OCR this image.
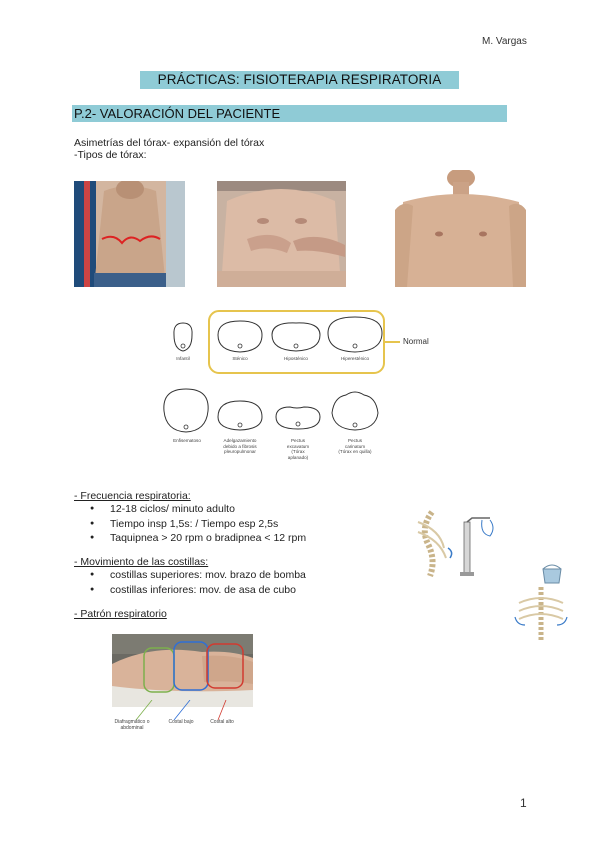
M. Vargas
PRÁCTICAS: FISIOTERAPIA RESPIRATORIA
P.2- VALORACIÓN DEL PACIENTE
Asimetrías del tórax- expansión del tórax
-Tipos de tórax:
Normal
Infantil	Sténico	Hiposténico	Hiperesténico
Enfisematoso	Adelgazamiento
debido a fibrosis
pleuropulmonar
Pectus
excavatum
(Tórax
aplanado)
Pectus
carinatum
(Tórax en quilla)
- Frecuencia respiratoria:
● 12-18 ciclos/ minuto adulto
● Tiempo insp 1,5s: / Tiempo esp 2,5s
● Taquipnea > 20 rpm o bradipnea < 12 rpm
- Movimiento de las costillas:
● costillas superiores: mov. brazo de bomba
● costillas inferiores: mov. de asa de cubo
- Patrón respiratorio
Diafragmático o abdominal
Costal bajo	Costal alto
1
